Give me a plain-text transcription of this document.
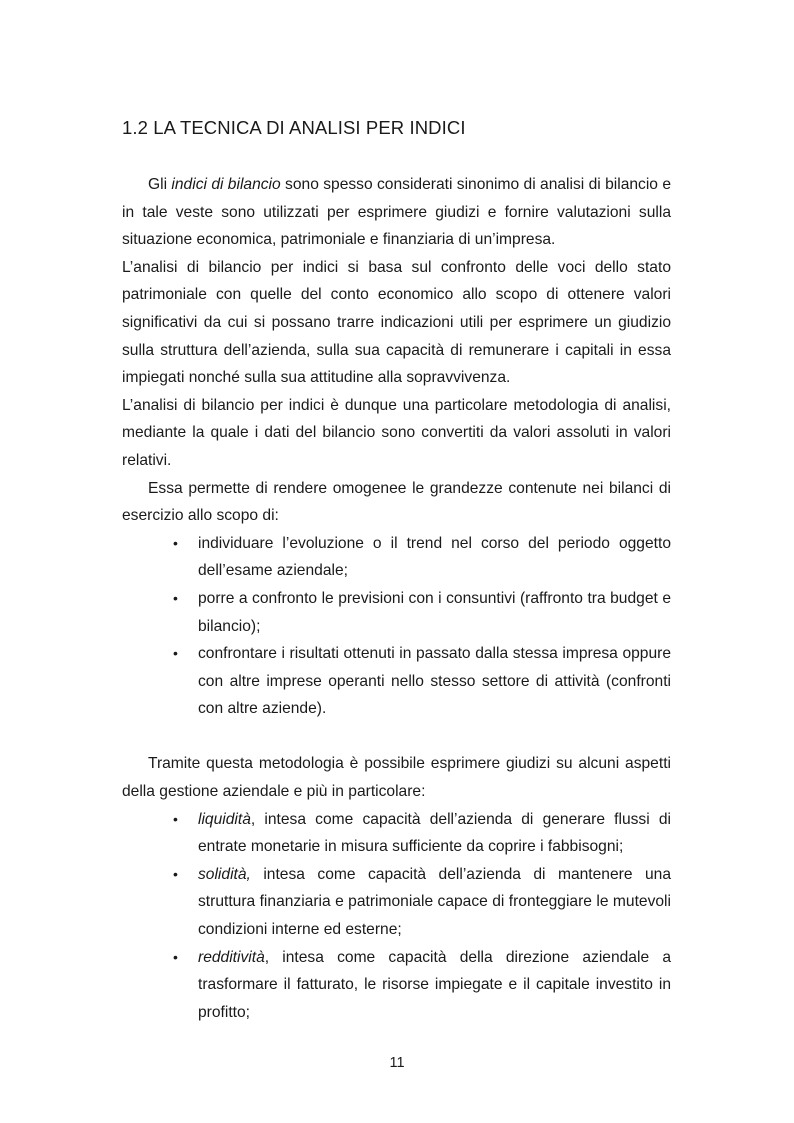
1.2 LA TECNICA DI ANALISI PER INDICI

Gli indici di bilancio sono spesso considerati sinonimo di analisi di bilancio e in tale veste sono utilizzati per esprimere giudizi e fornire valutazioni sulla situazione economica, patrimoniale e finanziaria di un’impresa.

L’analisi di bilancio per indici si basa sul confronto delle voci dello stato patrimoniale con quelle del conto economico allo scopo di ottenere valori significativi da cui si possano trarre indicazioni utili per esprimere un giudizio sulla struttura dell’azienda, sulla sua capacità di remunerare i capitali in essa impiegati nonché sulla sua attitudine alla sopravvivenza.

L’analisi di bilancio per indici è dunque una particolare metodologia di analisi, mediante la quale i dati del bilancio sono convertiti da valori assoluti in valori relativi.

Essa permette di rendere omogenee le grandezze contenute nei bilanci di esercizio allo scopo di:

• individuare l’evoluzione o il trend nel corso del periodo oggetto dell’esame aziendale;
• porre a confronto le previsioni con i consuntivi (raffronto tra budget e bilancio);
• confrontare i risultati ottenuti in passato dalla stessa impresa oppure con altre imprese operanti nello stesso settore di attività (confronti con altre aziende).

Tramite questa metodologia è possibile esprimere giudizi su alcuni aspetti della gestione aziendale e più in particolare:

• liquidità, intesa come capacità dell’azienda di generare flussi di entrate monetarie in misura sufficiente da coprire i fabbisogni;
• solidità, intesa come capacità dell’azienda di mantenere una struttura finanziaria e patrimoniale capace di fronteggiare le mutevoli condizioni interne ed esterne;
• redditività, intesa come capacità della direzione aziendale a trasformare il fatturato, le risorse impiegate e il capitale investito in profitto;
11
